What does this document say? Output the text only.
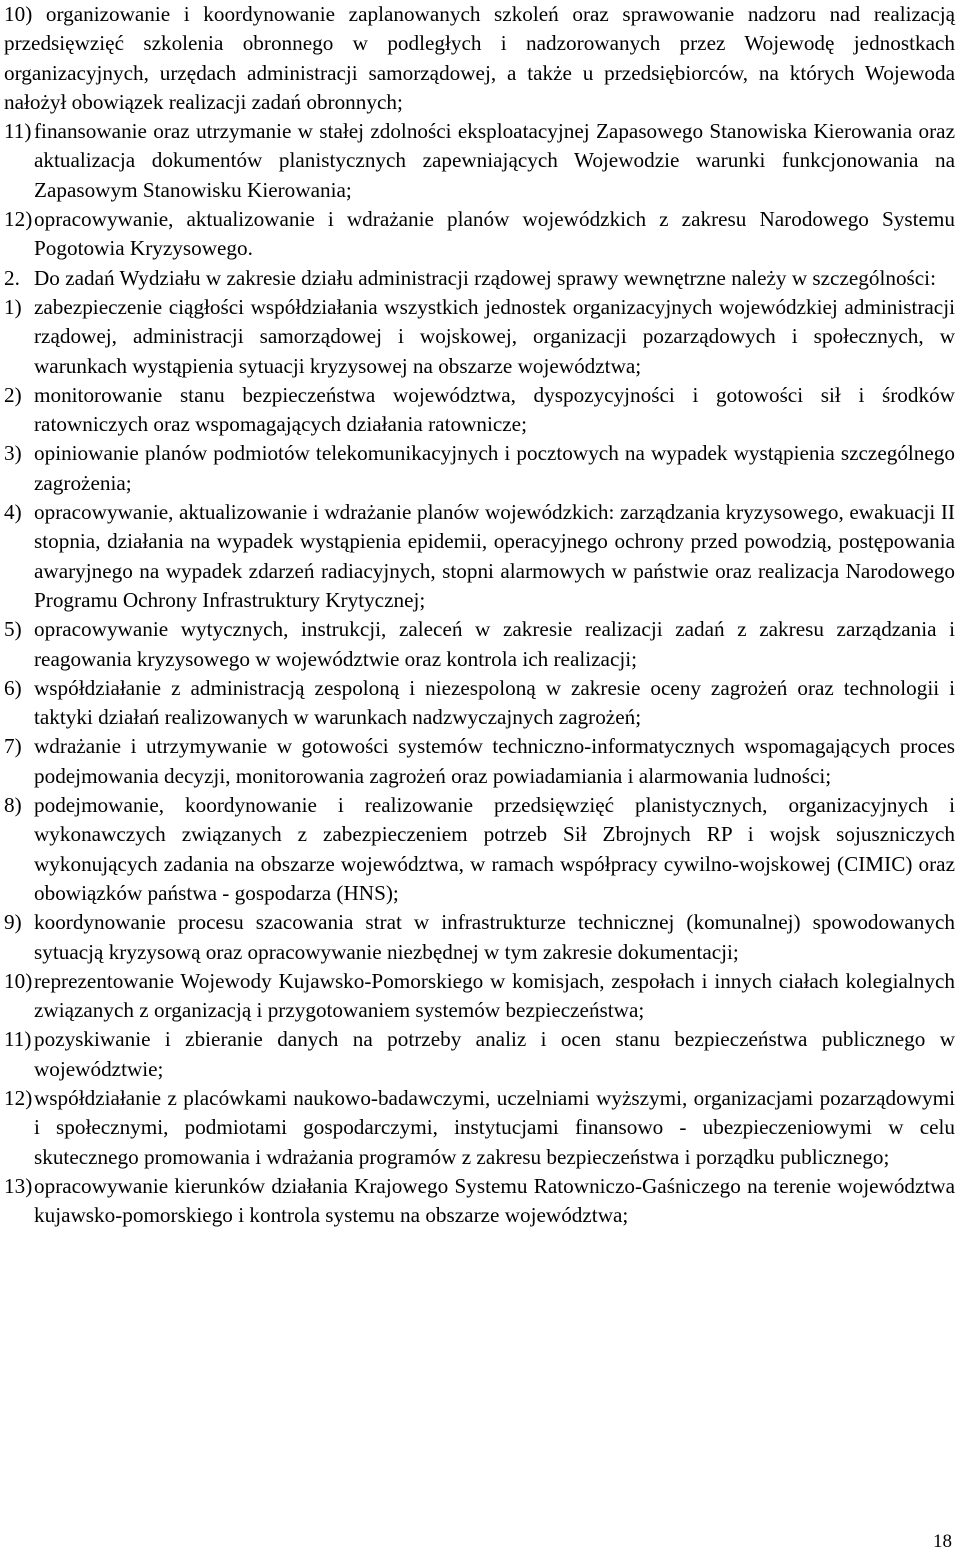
10) organizowanie i koordynowanie zaplanowanych szkoleń oraz sprawowanie nadzoru nad realizacją przedsięwzięć szkolenia obronnego w podległych i nadzorowanych przez Wojewodę jednostkach organizacyjnych, urzędach administracji samorządowej, a także u przedsiębiorców, na których Wojewoda nałożył obowiązek realizacji zadań obronnych;

11) finansowanie oraz utrzymanie w stałej zdolności eksploatacyjnej Zapasowego Stanowiska Kierowania oraz aktualizacja dokumentów planistycznych zapewniających Wojewodzie warunki funkcjonowania na Zapasowym Stanowisku Kierowania;
12) opracowywanie, aktualizowanie i wdrażanie planów wojewódzkich z zakresu Narodowego Systemu Pogotowia Kryzysowego.

2. Do zadań Wydziału w zakresie działu administracji rządowej sprawy wewnętrzne należy w szczególności:

1) zabezpieczenie ciągłości współdziałania wszystkich jednostek organizacyjnych wojewódzkiej administracji rządowej, administracji samorządowej i wojskowej, organizacji pozarządowych i społecznych, w warunkach wystąpienia sytuacji kryzysowej na obszarze województwa;
2) monitorowanie stanu bezpieczeństwa województwa, dyspozycyjności i gotowości sił i środków ratowniczych oraz wspomagających działania ratownicze;
3) opiniowanie planów podmiotów telekomunikacyjnych i pocztowych na wypadek wystąpienia szczególnego zagrożenia;
4) opracowywanie, aktualizowanie i wdrażanie planów wojewódzkich: zarządzania kryzysowego, ewakuacji II stopnia, działania na wypadek wystąpienia epidemii, operacyjnego ochrony przed powodzią, postępowania awaryjnego na wypadek zdarzeń radiacyjnych, stopni alarmowych w państwie oraz realizacja Narodowego Programu Ochrony Infrastruktury Krytycznej;
5) opracowywanie wytycznych, instrukcji, zaleceń w zakresie realizacji zadań z zakresu zarządzania i reagowania kryzysowego w województwie oraz kontrola ich realizacji;
6) współdziałanie z administracją zespoloną i niezespoloną w zakresie oceny zagrożeń oraz technologii i taktyki działań realizowanych w warunkach nadzwyczajnych zagrożeń;
7) wdrażanie i utrzymywanie w gotowości systemów techniczno-informatycznych wspomagających proces podejmowania decyzji, monitorowania zagrożeń oraz powiadamiania i alarmowania ludności;
8) podejmowanie, koordynowanie i realizowanie przedsięwzięć planistycznych, organizacyjnych i wykonawczych związanych z zabezpieczeniem potrzeb Sił Zbrojnych RP i wojsk sojuszniczych wykonujących zadania na obszarze województwa, w ramach współpracy cywilno-wojskowej (CIMIC) oraz obowiązków państwa - gospodarza (HNS);
9) koordynowanie procesu szacowania strat w infrastrukturze technicznej (komunalnej) spowodowanych sytuacją kryzysową oraz opracowywanie niezbędnej w tym zakresie dokumentacji;
10) reprezentowanie Wojewody Kujawsko-Pomorskiego w komisjach, zespołach i innych ciałach kolegialnych związanych z organizacją i przygotowaniem systemów bezpieczeństwa;
11) pozyskiwanie i zbieranie danych na potrzeby analiz i ocen stanu bezpieczeństwa publicznego w województwie;
12) współdziałanie z placówkami naukowo-badawczymi, uczelniami wyższymi, organizacjami pozarządowymi i społecznymi, podmiotami gospodarczymi, instytucjami finansowo - ubezpieczeniowymi w celu skutecznego promowania i wdrażania programów z zakresu bezpieczeństwa i porządku publicznego;
13) opracowywanie kierunków działania Krajowego Systemu Ratowniczo-Gaśniczego na terenie województwa kujawsko-pomorskiego i kontrola systemu na obszarze województwa;
18
